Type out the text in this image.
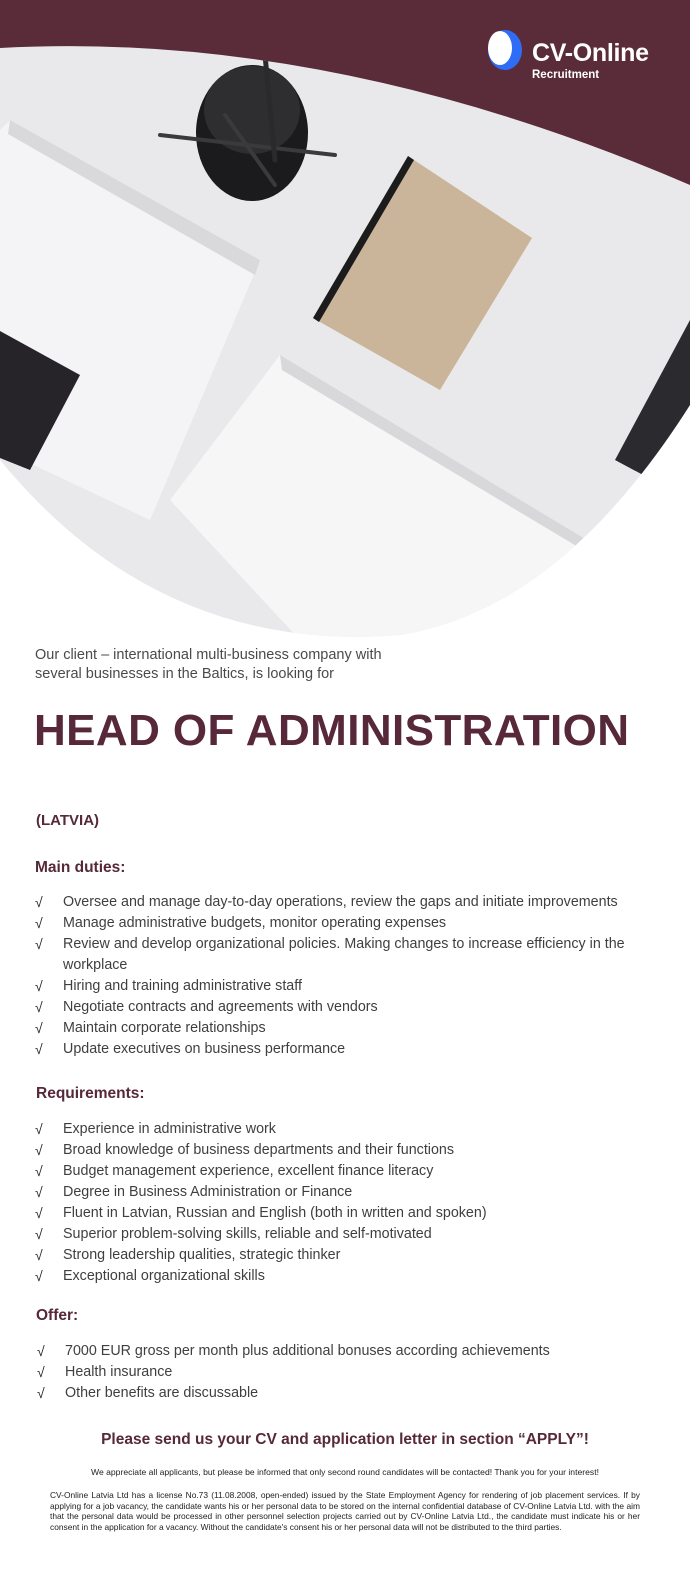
CV-Online
Recruitment
Our client – international multi-business company with several businesses in the Baltics, is looking for
HEAD OF ADMINISTRATION
(LATVIA)
Main duties:
√ Oversee and manage day-to-day operations, review the gaps and initiate improvements
√ Manage administrative budgets, monitor operating expenses
√ Review and develop organizational policies. Making changes to increase efficiency in the workplace
√ Hiring and training administrative staff
√ Negotiate contracts and agreements with vendors
√ Maintain corporate relationships
√ Update executives on business performance
Requirements:
√ Experience in administrative work
√ Broad knowledge of business departments and their functions
√ Budget management experience, excellent finance literacy
√ Degree in Business Administration or Finance
√ Fluent in Latvian, Russian and English (both in written and spoken)
√ Superior problem-solving skills, reliable and self-motivated
√ Strong leadership qualities, strategic thinker
√ Exceptional organizational skills
Offer:
√ 7000 EUR gross per month plus additional bonuses according achievements
√ Health insurance
√ Other benefits are discussable
Please send us your CV and application letter in section “APPLY”!
We appreciate all applicants, but please be informed that only second round candidates will be contacted! Thank you for your interest!
CV-Online Latvia Ltd has a license No.73 (11.08.2008, open-ended) issued by the State Employment Agency for rendering of job placement services. If by applying for a job vacancy, the candidate wants his or her personal data to be stored on the internal confidential database of CV-Online Latvia Ltd. with the aim that the personal data would be processed in other personnel selection projects carried out by CV-Online Latvia Ltd., the candidate must indicate his or her consent in the application for a vacancy. Without the candidate's consent his or her personal data will not be distributed to the third parties.
